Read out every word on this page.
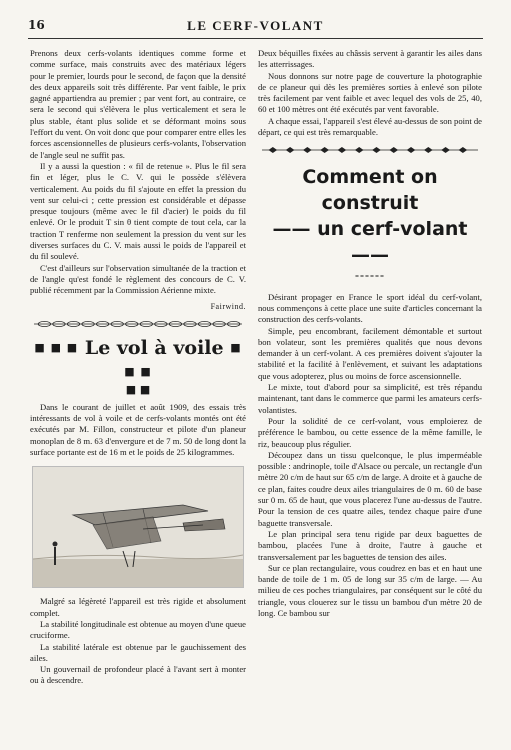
16	LE CERF-VOLANT

Prenons deux cerfs-volants identiques comme forme et comme surface, mais construits avec des matériaux légers pour le premier, lourds pour le second, de façon que la densité des deux appareils soit très différente. Par vent faible, le prix gagné appartiendra au premier ; par vent fort, au contraire, ce sera le second qui s'élèvera le plus verticalement et sera le plus stable, étant plus solide et se déformant moins sous l'effort du vent. On voit donc que pour comparer entre elles les forces ascensionnelles de plusieurs cerfs-volants, l'observation de l'angle seul ne suffit pas.

Il y a aussi la question : « fil de retenue ». Plus le fil sera fin et léger, plus le C. V. qui le possède s'élèvera verticalement. Au poids du fil s'ajoute en effet la pression du vent sur celui-ci ; cette pression est considérable et dépasse presque toujours (même avec le fil d'acier) le poids du fil enlevé. Or le produit T sin θ tient compte de tout cela, car la traction T renferme non seulement la pression du vent sur les diverses surfaces du C. V. mais aussi le poids de l'appareil et du fil soulevé.

C'est d'ailleurs sur l'observation simultanée de la traction et de l'angle qu'est fondé le règlement des concours de C. V. publié récemment par la Commission Aérienne mixte.

Fairwind.
■ ■ ■ Le vol à voile ■ ■ ■
■ ■

Dans le courant de juillet et août 1909, des essais très intéressants de vol à voile et de cerfs-volants montés ont été exécutés par M. Fillon, constructeur et pilote d'un planeur monoplan de 8 m. 63 d'envergure et de 7 m. 50 de long dont la surface portante est de 16 m et le poids de 25 kilogrammes.

Malgré sa légèreté l'appareil est très rigide et absolument complet.

La stabilité longitudinale est obtenue au moyen d'une queue cruciforme.

La stabilité latérale est obtenue par le gauchissement des ailes.

Un gouvernail de profondeur placé à l'avant sert à monter ou à descendre.

Deux béquilles fixées au châssis servent à garantir les ailes dans les atterrissages.

Nous donnons sur notre page de couverture la photographie de ce planeur qui dès les premières sorties à enlevé son pilote très facilement par vent faible et avec lequel des vols de 25, 40, 60 et 100 mètres ont été exécutés par vent favorable.

A chaque essai, l'appareil s'est élevé au-dessus de son point de départ, ce qui est très remarquable.

Comment on construit
—— un cerf-volant ——
------

Désirant propager en France le sport idéal du cerf-volant, nous commençons à cette place une suite d'articles concernant la construction des cerfs-volants.

Simple, peu encombrant, facilement démontable et surtout bon volateur, sont les premières qualités que nous devons demander à un cerf-volant. A ces premières doivent s'ajouter la stabilité et la facilité à l'enlèvement, et suivant les adaptations que vous adopterez, plus ou moins de force ascensionnelle.

Le mixte, tout d'abord pour sa simplicité, est très répandu maintenant, tant dans le commerce que parmi les amateurs cerfs-volantistes.

Pour la solidité de ce cerf-volant, vous emploierez de préférence le bambou, ou cette essence de la même famille, le riz, beaucoup plus régulier.

Découpez dans un tissu quelconque, le plus imperméable possible : andrinople, toile d'Alsace ou percale, un rectangle d'un mètre 20 c/m de haut sur 65 c/m de large. A droite et à gauche de ce plan, faites coudre deux ailes triangulaires de 0 m. 60 de base sur 0 m. 65 de haut, que vous placerez l'une au-dessus de l'autre. Pour la tension de ces quatre ailes, tendez chaque paire d'une baguette transversale.

Le plan principal sera tenu rigide par deux baguettes de bambou, placées l'une à droite, l'autre à gauche et transversalement par les baguettes de tension des ailes.

Sur ce plan rectangulaire, vous coudrez en bas et en haut une bande de toile de 1 m. 05 de long sur 35 c/m de large. — Au milieu de ces poches triangulaires, par conséquent sur le côté du triangle, vous clouerez sur le tissu un bambou d'un mètre 20 de long. Ce bambou sur
